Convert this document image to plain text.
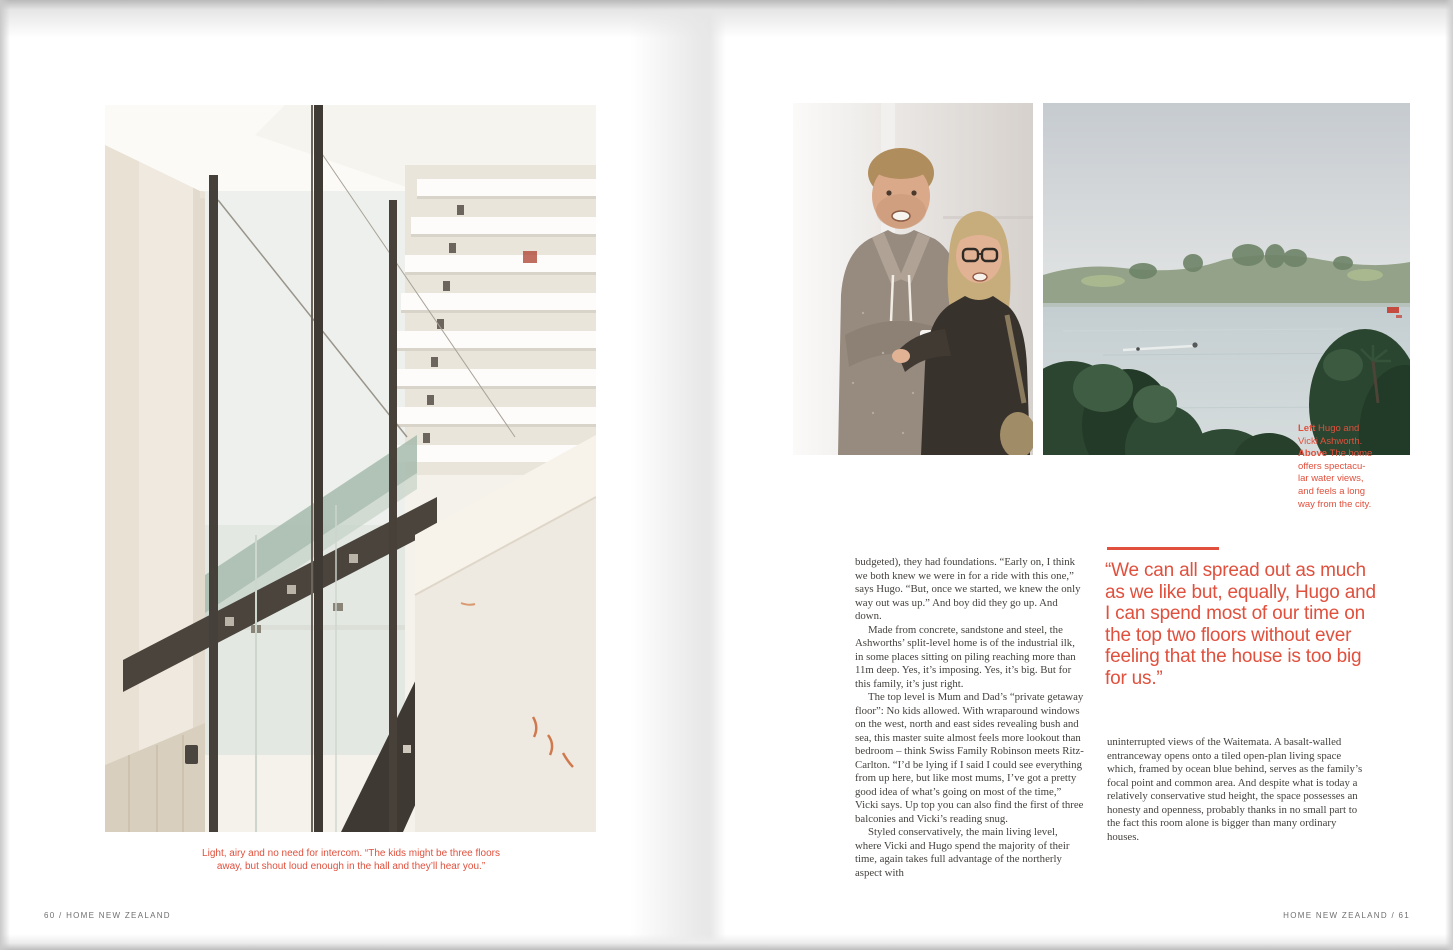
Light, airy and no need for intercom. “The kids might be three floors
away, but shout loud enough in the hall and they’ll hear you.”
60 / HOME NEW ZEALAND
Left Hugo and
Vicki Ashworth.
Above The home
offers spectacu-
lar water views,
and feels a long
way from the city.

budgeted), they had foundations. “Early on, I think we both knew we were in for a ride with this one,” says Hugo. “But, once we started, we knew the only way out was up.” And boy did they go up. And down.

Made from concrete, sandstone and steel, the Ashworths’ split-level home is of the industrial ilk, in some places sitting on piling reaching more than 11m deep. Yes, it’s imposing. Yes, it’s big. But for this family, it’s just right.

The top level is Mum and Dad’s “private getaway floor”: No kids allowed. With wraparound windows on the west, north and east sides revealing bush and sea, this master suite almost feels more lookout than bedroom – think Swiss Family Robinson meets Ritz-Carlton. “I’d be lying if I said I could see everything from up here, but like most mums, I’ve got a pretty good idea of what’s going on most of the time,” Vicki says. Up top you can also find the first of three balconies and Vicki’s reading snug.

Styled conservatively, the main living level, where Vicki and Hugo spend the majority of their time, again takes full advantage of the northerly aspect with

“We can all spread out as much as we like but, equally, Hugo and I can spend most of our time on the top two floors without ever feeling that the house is too big for us.”

uninterrupted views of the Waitemata. A basalt-walled entranceway opens onto a tiled open-plan living space which, framed by ocean blue behind, serves as the family’s focal point and common area. And despite what is today a relatively conservative stud height, the space possesses an honesty and openness, probably thanks in no small part to the fact this room alone is bigger than many ordinary houses.

HOME NEW ZEALAND / 61
